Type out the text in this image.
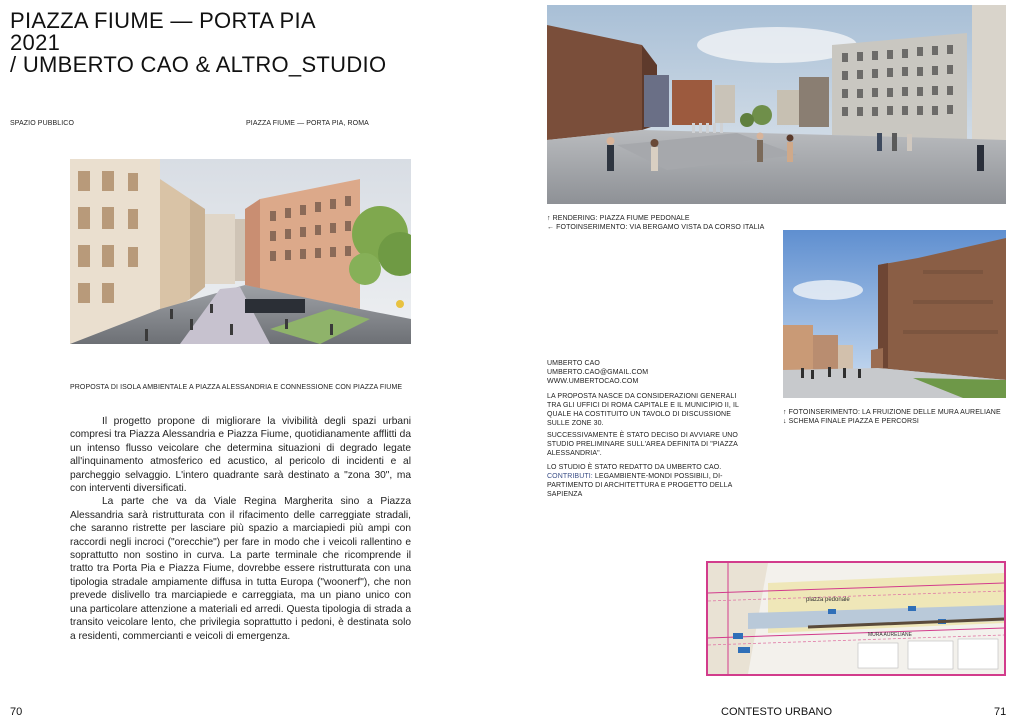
PIAZZA FIUME — PORTA PIA
2021
/ UMBERTO CAO & ALTRO_STUDIO
SPAZIO PUBBLICO	PIAZZA FIUME — PORTA PIA, ROMA
PROPOSTA DI ISOLA AMBIENTALE A PIAZZA ALESSANDRIA E CONNESSIONE CON PIAZZA FIUME

Il progetto propone di migliorare la vivibilità degli spazi urbani compresi tra Piazza Alessandria e Piazza Fiume, quotidianamente afflitti da un intenso flusso veicolare che determina situazioni di degrado legate all'inquinamento atmosferico ed acustico, al pericolo di incidenti e al parcheggio selvaggio. L'intero quadrante sarà destinato a "zona 30", ma con interventi diversificati.

La parte che va da Viale Regina Margherita sino a Piazza Alessandria sarà ristrutturata con il rifacimento delle carreggiate stradali, che saranno ristrette per lasciare più spazio a marciapiedi più ampi con raccordi negli incroci ("orecchie") per fare in modo che i veicoli rallentino e soprattutto non sostino in curva. La parte terminale che ricomprende il tratto tra Porta Pia e Piazza Fiume, dovrebbe essere ristrutturata con una tipologia stradale ampiamente diffusa in tutta Europa ("woonerf"), che non prevede dislivello tra marciapiede e carreggiata, ma un piano unico con una particolare attenzione a materiali ed arredi. Questa tipologia di strada a transito veicolare lento, che privilegia soprattutto i pedoni, è destinata solo a residenti, commercianti e veicoli di emergenza.

70
↑ RENDERING: PIAZZA FIUME PEDONALE
← FOTOINSERIMENTO: VIA BERGAMO VISTA DA CORSO ITALIA
↑ FOTOINSERIMENTO: LA FRUIZIONE DELLE MURA AURELIANE
↓ SCHEMA FINALE PIAZZA E PERCORSI
UMBERTO CAO
UMBERTO.CAO@GMAIL.COM
WWW.UMBERTOCAO.COM
LA PROPOSTA NASCE DA CONSIDERAZIONI GENERALI TRA GLI UFFICI DI ROMA CAPITALE E IL MUNICIPIO II, IL QUALE HA COSTITUITO UN TAVOLO DI DISCUSSIONE SULLE ZONE 30.
SUCCESSIVAMENTE È STATO DECISO DI AVVIARE UNO STUDIO PRELIMINARE SULL'AREA DEFINITA DI "PIAZZA ALESSANDRIA".
LO STUDIO È STATO REDATTO DA UMBERTO CAO.
CONTRIBUTI: LEGAMBIENTE-MONDI POSSIBILI, DI-PARTIMENTO DI ARCHITETTURA E PROGETTO DELLA SAPIENZA
piazza pedonale
MURA AURELIANE
CONTESTO URBANO	71
